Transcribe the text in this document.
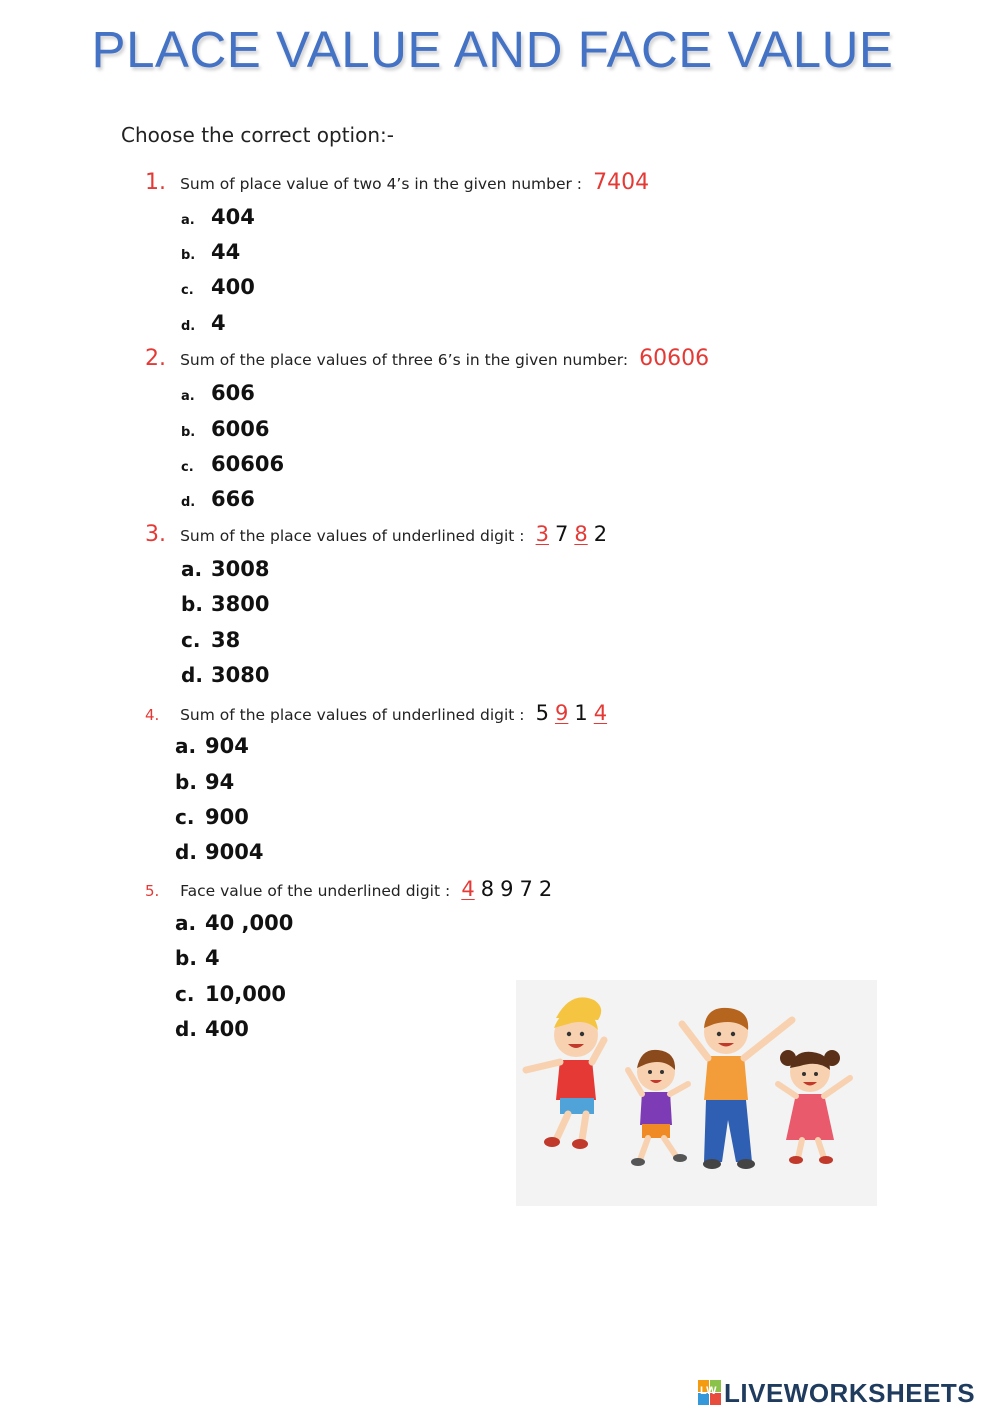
PLACE VALUE AND FACE VALUE
Choose the correct option:-
1. Sum of place value of two 4’s in the given number : 7404
a. 404
b. 44
c. 400
d. 4
2. Sum of the place values of three 6’s in the given number: 60606
a. 606
b. 6006
c. 60606
d. 666
3. Sum of the place values of underlined digit : 3 7 8 2
a. 3008
b. 3800
c. 38
d. 3080
4. Sum of the place values of underlined digit : 5 9 1 4
a. 904
b. 94
c. 900
d. 9004
5. Face value of the underlined digit : 4 8 9 7 2
a. 40 ,000
b. 4
c. 10,000
d. 400
LW LIVEWORKSHEETS
